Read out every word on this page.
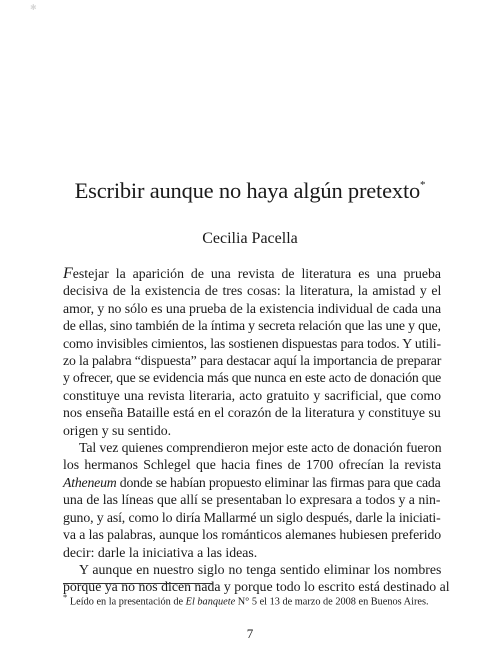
✱
Escribir aunque no haya algún pretexto*
Cecilia Pacella
Festejar la aparición de una revista de literatura es una prueba
decisiva de la existencia de tres cosas: la literatura, la amistad y el
amor, y no sólo es una prueba de la existencia individual de cada una
de ellas, sino también de la íntima y secreta relación que las une y que,
como invisibles cimientos, las sostienen dispuestas para todos. Y utili-
zo la palabra “dispuesta” para destacar aquí la importancia de preparar
y ofrecer, que se evidencia más que nunca en este acto de donación que
constituye una revista literaria, acto gratuito y sacrificial, que como
nos enseña Bataille está en el corazón de la literatura y constituye su
origen y su sentido.
Tal vez quienes comprendieron mejor este acto de donación fueron
los hermanos Schlegel que hacia fines de 1700 ofrecían la revista
Atheneum donde se habían propuesto eliminar las firmas para que cada
una de las líneas que allí se presentaban lo expresara a todos y a nin-
guno, y así, como lo diría Mallarmé un siglo después, darle la iniciati-
va a las palabras, aunque los románticos alemanes hubiesen preferido
decir: darle la iniciativa a las ideas.
Y aunque en nuestro siglo no tenga sentido eliminar los nombres
porque ya no nos dicen nada y porque todo lo escrito está destinado al
* Leído en la presentación de El banquete N° 5 el 13 de marzo de 2008 en Buenos Aires.
7
